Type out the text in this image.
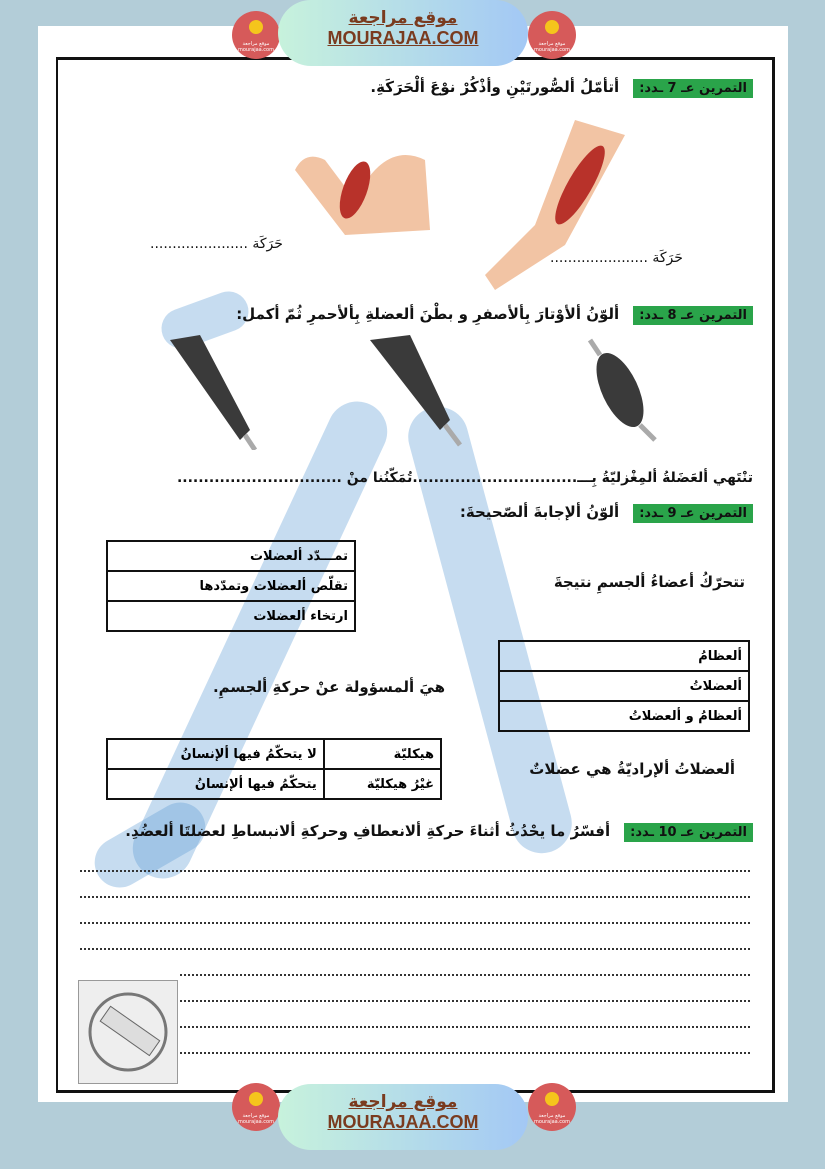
موقع مراجعة mourajaa.com
موقع مراجعة mourajaa.com
موقع مراجعة
MOURAJAA.COM
التمرين عـ 7 ـدد:أتأمّلُ ألصُّورتَيْنِ وأذْكُرْ نوْعَ ألْحَرَكَةِ.
حَرَكَة ......................
حَرَكَة ......................
التمرين عـ 8 ـدد:ألوّنُ ألأوْتارَ بِألأصفرِ و بطْنَ ألعضلةِ بِألأحمرِ ثُمّ أكمل:
تنْتَهي ألعَضَلةُ ألمِغْزليّةُ بِـــ...............................تُمَكّنُنا منْ ...............................
التمرين عـ 9 ـدد:ألوّنُ ألإجابةَ ألصّحيحةَ:
تمـــدّد ألعضلات
تقلّص ألعضلات وتمدّدها
ارتخاء ألعضلات
تتحرّكُ أعضاءُ ألجسمِ نتيجةَ
ألعظامُ
ألعضلاتُ
ألعظامُ و ألعضلاتُ
هيَ ألمسؤولة عنْ حركةِ ألجسمِ.
هيكليّة	لا يتحكّمُ فيها ألإنسانُ
غيْرُ هيكليّة	يتحكّمُ فيها ألإنسانُ
ألعضلاتُ ألإراديّةُ هي عضلاتٌ
التمرين عـ 10 ـدد:أفسّرُ ما يحْدُثُ أثناءَ حركةِ ألانعطافِ وحركةِ ألانبساطِ لعضلتَا ألعضُدِ.
موقع مراجعة mourajaa.com
موقع مراجعة mourajaa.com
موقع مراجعة
MOURAJAA.COM
